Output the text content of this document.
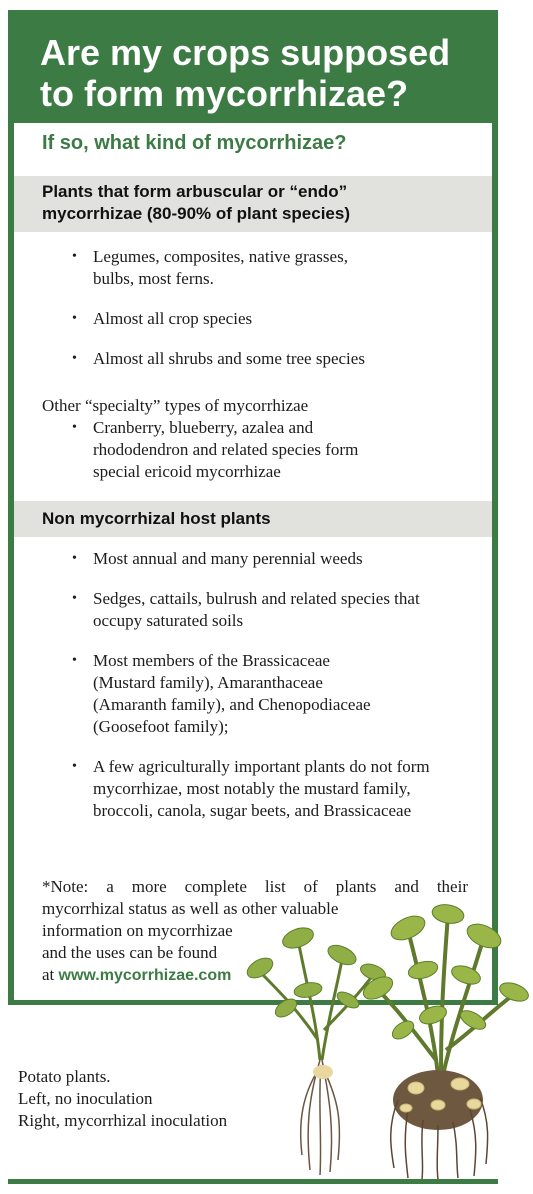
Are my crops supposed to form mycorrhizae?
If so, what kind of mycorrhizae?
Plants that form arbuscular or “endo”
mycorrhizae (80-90% of plant species)
• Legumes, composites, native grasses, bulbs, most ferns.
• Almost all crop species
• Almost all shrubs and some tree species
Other “specialty” types of mycorrhizae
• Cranberry, blueberry, azalea and rhododendron and related species form special ericoid mycorrhizae
Non mycorrhizal host plants
• Most annual and many perennial weeds
• Sedges, cattails, bulrush and related species that occupy saturated soils
• Most members of the Brassicaceae (Mustard family), Amaranthaceae (Amaranth family), and Chenopodiaceae (Goosefoot family);
• A few agriculturally important plants do not form mycorrhizae, most notably the mustard family, broccoli, canola, sugar beets, and Brassicaceae
*Note: a more complete list of plants and their
mycorrhizal status as well as other valuable
information on mycorrhizae
and the uses can be found
at www.mycorrhizae.com
Potato plants.
Left, no inoculation
Right, mycorrhizal inoculation
